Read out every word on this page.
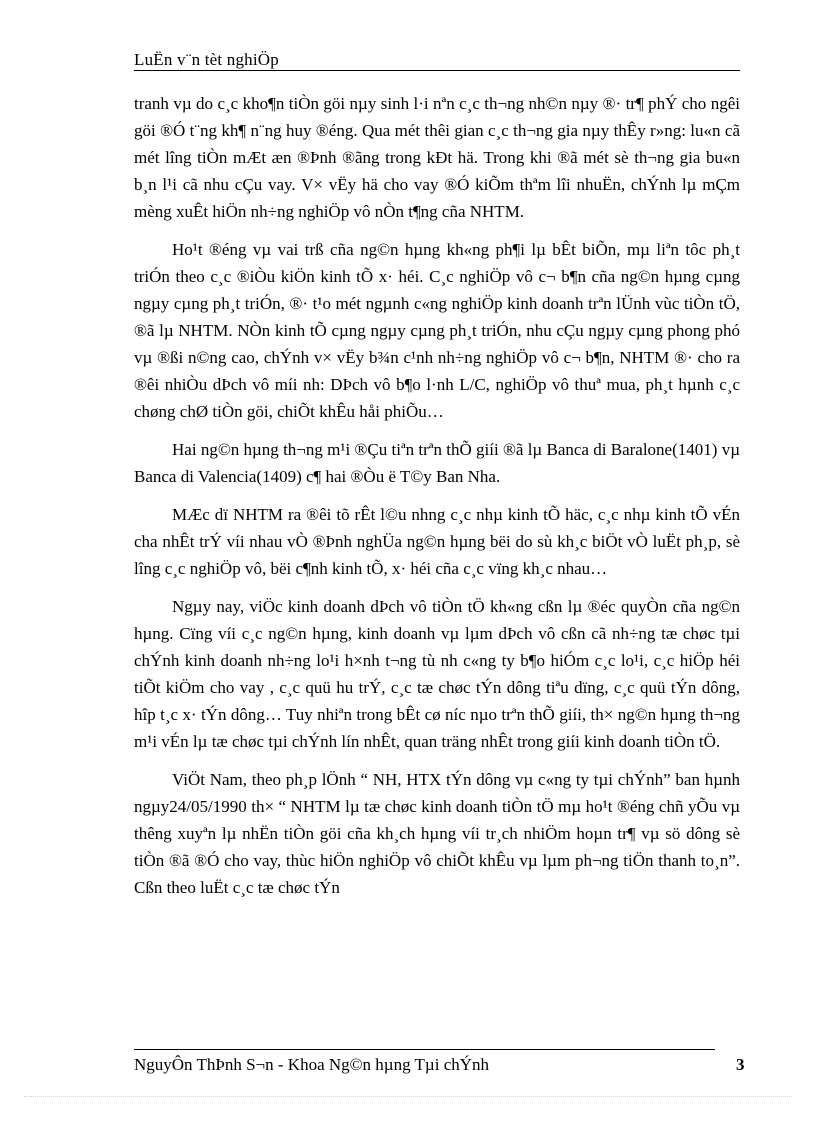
LuËn v¨n tèt nghiÖp

tranh vµ do c¸c kho¶n tiÒn göi nµy sinh l·i nªn c¸c th¬ng nh©n nµy ®· tr¶ phÝ cho ngêi göi ®Ó t¨ng kh¶ n¨ng huy ®éng. Qua mét thêi gian c¸c th¬ng gia nµy thÊy r»ng: lu«n cã mét lîng tiÒn mÆt æn ®Þnh ®ãng trong kÐt hä. Trong khi ®ã mét sè th¬ng gia bu«n b¸n l¹i cã nhu cÇu vay. V× vËy hä cho vay ®Ó kiÕm thªm lîi nhuËn, chÝnh lµ mÇm mèng xuÊt hiÖn nh÷ng nghiÖp vô nÒn t¶ng cña NHTM.

Ho¹t ®éng vµ vai trß cña ng©n hµng kh«ng ph¶i lµ bÊt biÕn, mµ liªn tôc ph¸t triÓn theo c¸c ®iÒu kiÖn kinh tÕ x· héi. C¸c nghiÖp vô c¬ b¶n cña ng©n hµng cµng ngµy cµng ph¸t triÓn, ®· t¹o mét ngµnh c«ng nghiÖp kinh doanh trªn lÜnh vùc tiÒn tÖ, ®ã lµ NHTM. NÒn kinh tÕ cµng ngµy cµng ph¸t triÓn, nhu cÇu ngµy cµng phong phó vµ ®ßi n©ng cao, chÝnh v× vËy b¾n c¹nh nh÷ng nghiÖp vô c¬ b¶n, NHTM ®· cho ra ®êi nhiÒu dÞch vô míi nh: DÞch vô b¶o l·nh L/C, nghiÖp vô thuª mua, ph¸t hµnh c¸c chøng chØ tiÒn göi, chiÕt khÊu håi phiÕu…

Hai ng©n hµng th¬ng m¹i ®Çu tiªn trªn thÕ giíi ®ã lµ Banca di Baralone(1401) vµ Banca di Valencia(1409) c¶ hai ®Òu ë T©y Ban Nha.

MÆc dï NHTM ra ®êi tõ rÊt l©u nhng c¸c nhµ kinh tÕ häc, c¸c nhµ kinh tÕ vÉn cha nhÊt trÝ víi nhau vÒ ®Þnh nghÜa ng©n hµng bëi do sù kh¸c biÖt vÒ luËt ph¸p, sè lîng c¸c nghiÖp vô, bëi c¶nh kinh tÕ, x· héi cña c¸c vïng kh¸c nhau…

Ngµy nay, viÖc kinh doanh dÞch vô tiÒn tÖ kh«ng cßn lµ ®éc quyÒn cña ng©n hµng. Cïng víi c¸c ng©n hµng, kinh doanh vµ lµm dÞch vô cßn cã nh÷ng tæ chøc tµi chÝnh kinh doanh nh÷ng lo¹i h×nh t¬ng tù nh c«ng ty b¶o hiÓm c¸c lo¹i, c¸c hiÖp héi tiÕt kiÖm cho vay , c¸c quü hu trÝ, c¸c tæ chøc tÝn dông tiªu dïng, c¸c quü tÝn dông, hîp t¸c x· tÝn dông… Tuy nhiªn trong bÊt cø níc nµo trªn thÕ giíi, th× ng©n hµng th¬ng m¹i vÉn lµ tæ chøc tµi chÝnh lín nhÊt, quan träng nhÊt trong giíi kinh doanh tiÒn tÖ.

ViÖt Nam, theo ph¸p lÖnh “ NH, HTX tÝn dông vµ c«ng ty tµi chÝnh” ban hµnh ngµy24/05/1990 th× “ NHTM lµ tæ chøc kinh doanh tiÒn tÖ mµ ho¹t ®éng chñ yÕu vµ thêng xuyªn lµ nhËn tiÒn göi cña kh¸ch hµng víi tr¸ch nhiÖm hoµn tr¶ vµ sö dông sè tiÒn ®ã ®Ó cho vay, thùc hiÖn nghiÖp vô chiÕt khÊu vµ lµm ph¬ng tiÖn thanh to¸n”. Cßn theo luËt c¸c tæ chøc tÝn

NguyÔn ThÞnh S¬n - Khoa Ng©n hµng Tµi chÝnh	3
